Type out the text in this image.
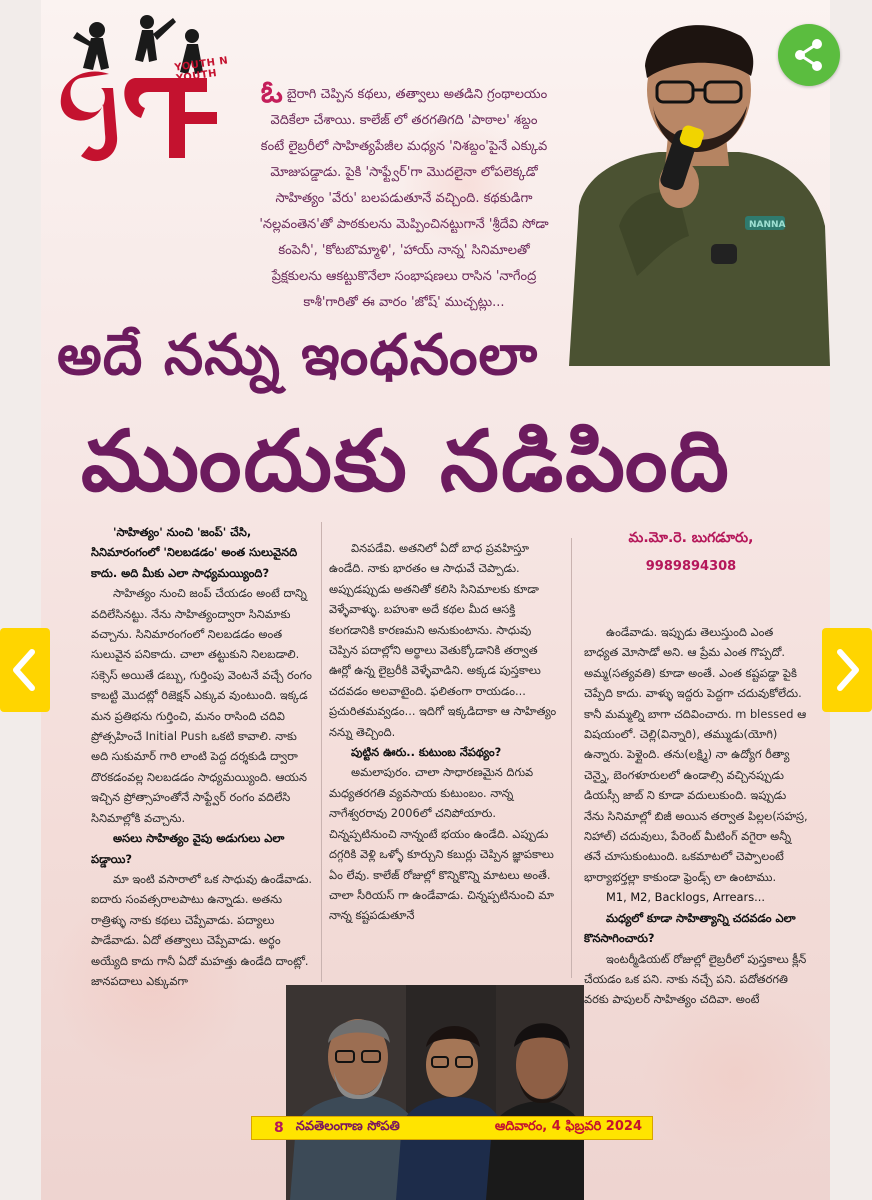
YOUTH N YOUTH	ఓ బైరాగి చెప్పిన కథలు, తత్వాలు అతడిని గ్రంథాలయం వెదికేలా చేశాయి. కాలేజ్ లో తరగతిగది 'పాఠాల' శబ్దం కంటే లైబ్రరీలో సాహిత్యపేజీల మధ్యన 'నిశబ్దం'పైనే ఎక్కువ మోజుపడ్డాడు. పైకి 'సాఫ్ట్వేర్'గా మొదలైనా లోపలెక్కడో సాహిత్యం 'వేరు' బలపడుతూనే వచ్చింది. కథకుడిగా 'నల్లవంతెన'తో పాఠకులను మెప్పించినట్టుగానే 'శ్రీదేవి సోడా కంపెనీ', 'కోటబొమ్మాళి', 'హాయ్ నాన్న' సినిమాలతో ప్రేక్షకులను ఆకట్టుకొనేలా సంభాషణలు రాసిన 'నాగేంద్ర కాశీ'గారితో ఈ వారం 'జోష్' ముచ్చట్లు...
NANNA
అదే నన్ను ఇంధనంలా
ముందుకు నడిపింది

'సాహిత్యం' నుంచి 'జంప్' చేసి, సినిమారంగంలో 'నిలబడడం' అంత సులువైనది కాదు. అది మీకు ఎలా సాధ్యమయ్యింది?

సాహిత్యం నుంచి జంప్ చేయడం అంటే దాన్ని వదిలేసినట్టు. నేను సాహిత్యంద్వారా సినిమాకు వచ్చాను. సినిమారంగంలో నిలబడడం అంత సులువైన పనికాదు. చాలా తట్టుకుని నిలబడాలి. సక్సెస్ అయితే డబ్బు, గుర్తింపు వెంటనే వచ్చే రంగం కాబట్టి మొదట్లో రిజెక్షన్ ఎక్కువ వుంటుంది. ఇక్కడ మన ప్రతిభను గుర్తించి, మనం రాసింది చదివి ప్రోత్సహించే Initial Push ఒకటి కావాలి. నాకు అది సుకుమార్ గారి లాంటి పెద్ద దర్శకుడి ద్వారా దొరకడంవల్ల నిలబడడం సాధ్యమయ్యింది. ఆయన ఇచ్చిన ప్రోత్సాహంతోనే సాఫ్ట్వేర్ రంగం వదిలేసి సినిమాల్లోకి వచ్చాను.

అసలు సాహిత్యం వైపు అడుగులు ఎలా పడ్డాయి?

మా ఇంటి వసారాలో ఒక సాధువు ఉండేవాడు. ఐదారు సంవత్సరాలపాటు ఉన్నాడు. అతను రాత్రిళ్ళు నాకు కథలు చెప్పేవాడు. పద్యాలు పాడేవాడు. ఏదో తత్వాలు చెప్పేవాడు. అర్థం అయ్యేది కాదు గానీ ఏదో మహత్తు ఉండేది దాంట్లో. జానపదాలు ఎక్కువగా

వినపడేవి. అతనిలో ఏదో బాధ ప్రవహిస్తూ ఉండేది. నాకు భారతం ఆ సాధువే చెప్పాడు. అప్పుడప్పుడు అతనితో కలిసి సినిమాలకు కూడా వెళ్ళేవాళ్ళు. బహుశా అదే కథల మీద ఆసక్తి కలగడానికి కారణమని అనుకుంటాను. సాధువు చెప్పిన పదాల్లోని అర్థాలు వెతుక్కోడానికి తర్వాత ఊర్లో ఉన్న లైబ్రరీకి వెళ్ళేవాడిని. అక్కడ పుస్తకాలు చదవడం అలవాటైంది. ఫలితంగా రాయడం... ప్రచురితమవ్వడం... ఇదిగో ఇక్కడిదాకా ఆ సాహిత్యం నన్ను తెచ్చింది.

పుట్టిన ఊరు.. కుటుంబ నేపథ్యం?

అమలాపురం. చాలా సాధారణమైన దిగువ మధ్యతరగతి వ్యవసాయ కుటుంబం. నాన్న నాగేశ్వరరావు 2006లో చనిపోయారు. చిన్నప్పటినుంచి నాన్నంటే భయం ఉండేది. ఎప్పుడు దగ్గరికి వెళ్లి ఒళ్ళో కూర్చుని కబుర్లు చెప్పిన జ్ఞాపకాలు ఏం లేవు. కాలేజ్ రోజుల్లో కొన్నికొన్ని మాటలు అంతే. చాలా సీరియస్ గా ఉండేవాడు. చిన్నప్పటినుంచి మా నాన్న కష్టపడుతూనే

మ.మో.రె. బుగడూరు,
9989894308

ఉండేవాడు. ఇప్పుడు తెలుస్తుంది ఎంత బాధ్యత మోసాడో అని. ఆ ప్రేమ ఎంత గొప్పదో. అమ్మ(సత్యవతి) కూడా అంతే. ఎంత కష్టపడ్డా పైకి చెప్పేది కాదు. వాళ్ళు ఇద్దరు పెద్దగా చదువుకోలేదు. కానీ మమ్మల్ని బాగా చదివించారు. m blessed ఆ విషయంలో. చెల్లి(విన్నారి), తమ్ముడు(యోగి) ఉన్నారు. పెళ్లైంది. తను(లక్ష్మి) నా ఉద్యోగ రీత్యా చెన్నై, బెంగళూరులలో ఉండాల్సి వచ్చినప్పుడు డియస్సీ జాబ్ ని కూడా వదులుకుంది. ఇప్పుడు నేను సినిమాల్లో బిజీ అయిన తర్వాత పిల్లల(సహస్ర, నిహాల్) చదువులు, పేరెంట్ మీటింగ్ వగైరా అన్నీ తనే చూసుకుంటుంది. ఒకమాటలో చెప్పాలంటే భార్యాభర్తల్లా కాకుండా ఫ్రెండ్స్ లా ఉంటాము.

M1, M2, Backlogs, Arrears...

మధ్యలో కూడా సాహిత్యాన్ని చదవడం ఎలా కొనసాగించారు?

ఇంటర్మీడియట్ రోజుల్లో లైబ్రరీలో పుస్తకాలు క్లీన్ చేయడం ఒక పని. నాకు నచ్చే పని. పదోతరగతి వరకు పాపులర్ సాహిత్యం చదివా. అంటే

8 నవతెలంగాణ సోపతి	ఆదివారం, 4 ఫిబ్రవరి 2024
